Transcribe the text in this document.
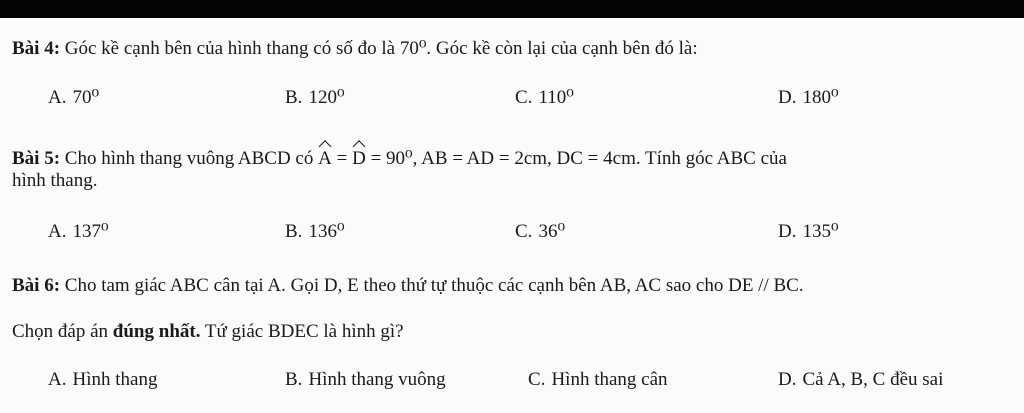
Bài 4: Góc kề cạnh bên của hình thang có số đo là 70⁰. Góc kề còn lại của cạnh bên đó là:
A. 70⁰	B. 120⁰	C. 110⁰	D. 180⁰
Bài 5: Cho hình thang vuông ABCD có A = D = 90⁰, AB = AD = 2cm, DC = 4cm. Tính góc ABC của
hình thang.
A. 137⁰	B. 136⁰	C. 36⁰	D. 135⁰
Bài 6: Cho tam giác ABC cân tại A. Gọi D, E theo thứ tự thuộc các cạnh bên AB, AC sao cho DE // BC.
Chọn đáp án đúng nhất. Tứ giác BDEC là hình gì?
A. Hình thang	B. Hình thang vuông	C. Hình thang cân	D. Cả A, B, C đều sai
